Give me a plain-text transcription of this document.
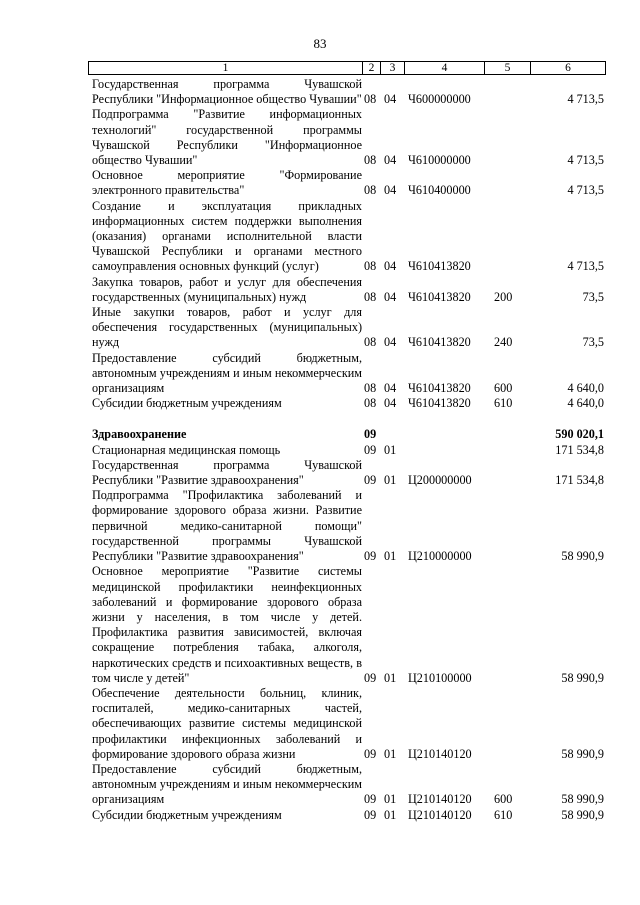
83
1	2	3	4	5	6
Государственная программа Чувашской Республики "Информационное общество Чувашии" 08 04 Ч600000000	4 713,5
Подпрограмма "Развитие информационных технологий" государственной программы Чувашской Республики "Информационное общество Чувашии"	08 04 Ч610000000	4 713,5
Основное мероприятие "Формирование электронного правительства"	08 04 Ч610400000	4 713,5
Создание и эксплуатация прикладных информационных систем поддержки выполнения (оказания) органами исполнительной власти Чувашской Республики и органами местного самоуправления основных функций (услуг)	08 04 Ч610413820	4 713,5
Закупка товаров, работ и услуг для обеспечения государственных (муниципальных) нужд	08 04 Ч610413820	200	73,5
Иные закупки товаров, работ и услуг для обеспечения государственных (муниципальных) нужд	08 04 Ч610413820	240	73,5
Предоставление субсидий бюджетным, автономным учреждениям и иным некоммерческим организациям	08 04 Ч610413820	600	4 640,0
Субсидии бюджетным учреждениям	08 04 Ч610413820	610	4 640,0
Здравоохранение	09	590 020,1
Стационарная медицинская помощь	09 01	171 534,8
Государственная программа Чувашской Республики "Развитие здравоохранения"	09 01 Ц200000000	171 534,8
Подпрограмма "Профилактика заболеваний и формирование здорового образа жизни. Развитие первичной медико-санитарной помощи" государственной программы Чувашской Республики "Развитие здравоохранения"	09 01 Ц210000000	58 990,9
Основное мероприятие "Развитие системы медицинской профилактики неинфекционных заболеваний и формирование здорового образа жизни у населения, в том числе у детей. Профилактика развития зависимостей, включая сокращение потребления табака, алкоголя, наркотических средств и психоактивных веществ, в том числе у детей"	09 01 Ц210100000	58 990,9
Обеспечение деятельности больниц, клиник, госпиталей, медико-санитарных частей, обеспечивающих развитие системы медицинской профилактики инфекционных заболеваний и формирование здорового образа жизни	09 01 Ц210140120	58 990,9
Предоставление субсидий бюджетным, автономным учреждениям и иным некоммерческим организациям	09 01 Ц210140120	600	58 990,9
Субсидии бюджетным учреждениям	09 01 Ц210140120	610	58 990,9
